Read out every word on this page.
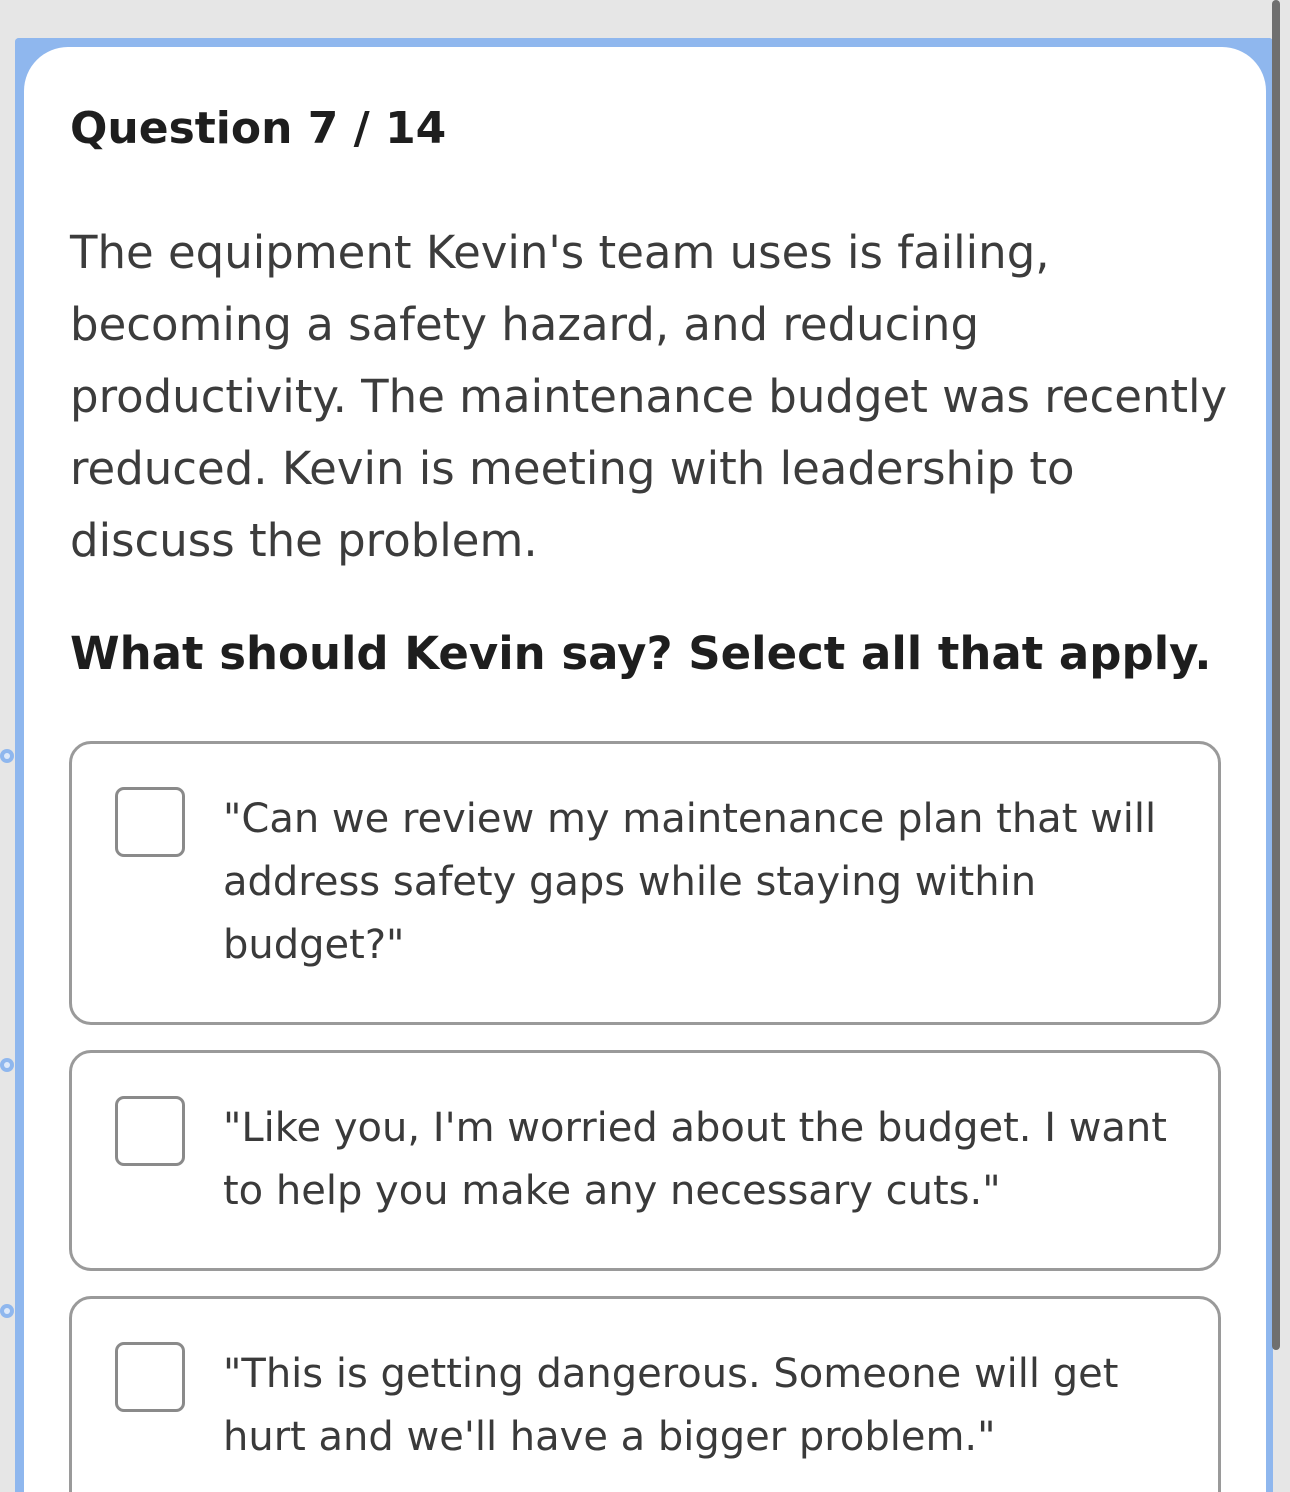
Question 7 / 14

The equipment Kevin's team uses is failing, becoming a safety hazard, and reducing productivity. The maintenance budget was recently reduced. Kevin is meeting with leadership to discuss the problem.

What should Kevin say? Select all that apply.

"Can we review my maintenance plan that will address safety gaps while staying within budget?"

"Like you, I'm worried about the budget. I want to help you make any necessary cuts."

"This is getting dangerous. Someone will get hurt and we'll have a bigger problem."
